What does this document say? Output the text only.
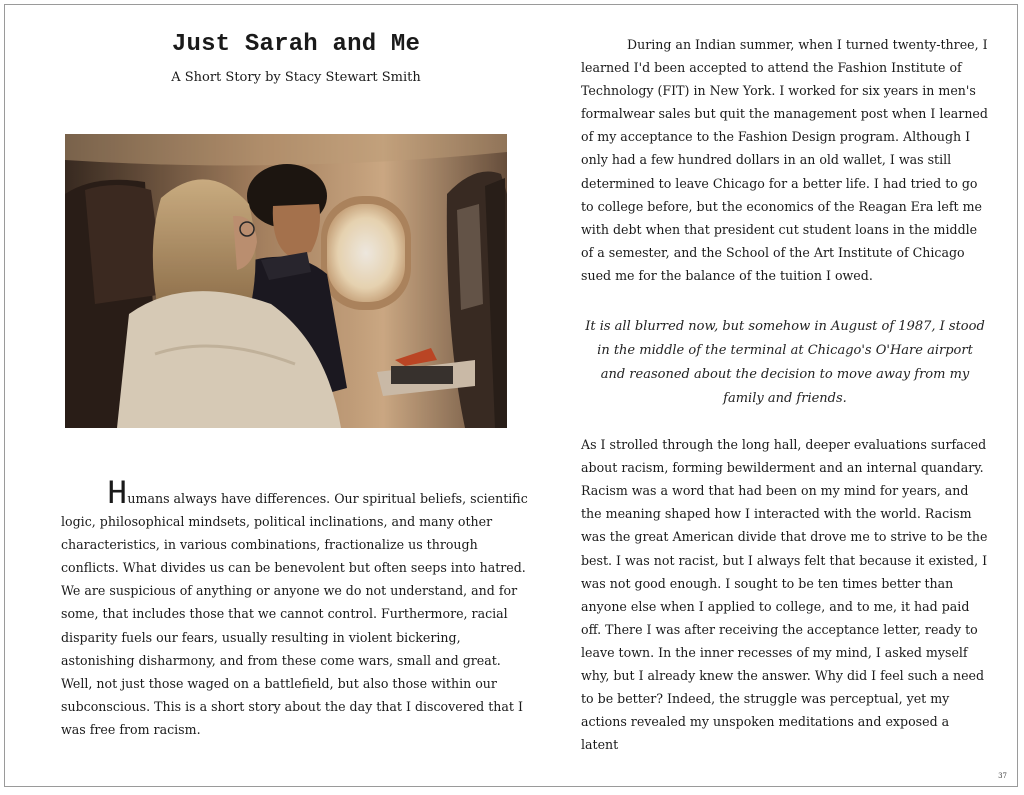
Just Sarah and Me
A Short Story by Stacy Stewart Smith

Humans always have differences. Our spiritual beliefs, scientific logic, philosophical mindsets, political inclinations, and many other characteristics, in various combinations, fractionalize us through conflicts. What divides us can be benevolent but often seeps into hatred. We are suspicious of anything or anyone we do not understand, and for some, that includes those that we cannot control. Furthermore, racial disparity fuels our fears, usually resulting in violent bickering, astonishing disharmony, and from these come wars, small and great. Well, not just those waged on a battlefield, but also those within our subconscious. This is a short story about the day that I discovered that I was free from racism.

During an Indian summer, when I turned twenty-three, I learned I'd been accepted to attend the Fashion Institute of Technology (FIT) in New York. I worked for six years in men's formalwear sales but quit the management post when I learned of my acceptance to the Fashion Design program. Although I only had a few hundred dollars in an old wallet, I was still determined to leave Chicago for a better life. I had tried to go to college before, but the economics of the Reagan Era left me with debt when that president cut student loans in the middle of a semester, and the School of the Art Institute of Chicago sued me for the balance of the tuition I owed.

It is all blurred now, but somehow in August of 1987, I stood in the middle of the terminal at Chicago's O'Hare airport and reasoned about the decision to move away from my family and friends.

As I strolled through the long hall, deeper evaluations surfaced about racism, forming bewilderment and an internal quandary. Racism was a word that had been on my mind for years, and the meaning shaped how I interacted with the world. Racism was the great American divide that drove me to strive to be the best. I was not racist, but I always felt that because it existed, I was not good enough. I sought to be ten times better than anyone else when I applied to college, and to me, it had paid off. There I was after receiving the acceptance letter, ready to leave town. In the inner recesses of my mind, I asked myself why, but I already knew the answer. Why did I feel such a need to be better? Indeed, the struggle was perceptual, yet my actions revealed my unspoken meditations and exposed a latent

37
